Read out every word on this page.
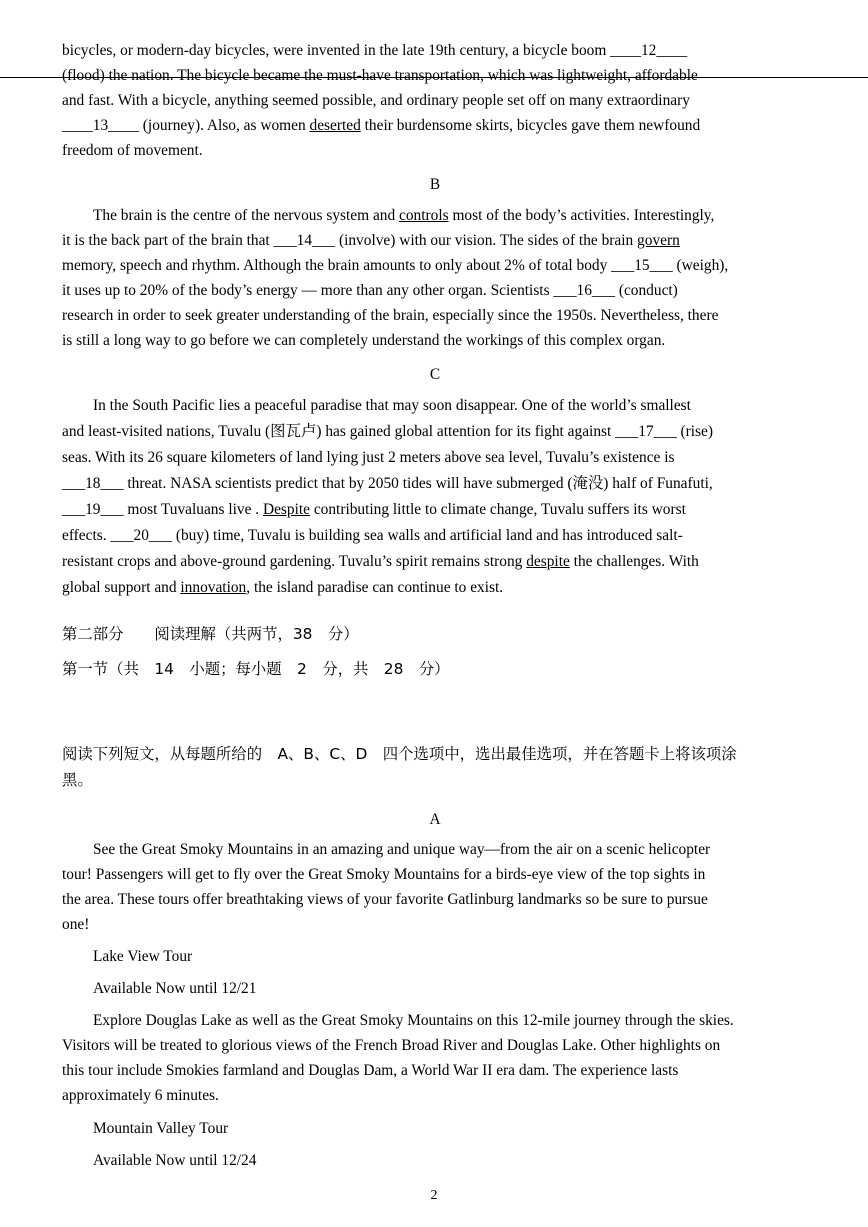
bicycles, or modern-day bicycles, were invented in the late 19th century, a bicycle boom ____12____

(flood) the nation. The bicycle became the must-have transportation, which was lightweight, affordable

and fast. With a bicycle, anything seemed possible, and ordinary people set off on many extraordinary

____13____ (journey). Also, as women deserted their burdensome skirts, bicycles gave them newfound

freedom of movement.

B

The brain is the centre of the nervous system and controls most of the body’s activities. Interestingly,

it is the back part of the brain that ___14___ (involve) with our vision. The sides of the brain govern

memory, speech and rhythm. Although the brain amounts to only about 2% of total body ___15___ (weigh),

it uses up to 20% of the body’s energy — more than any other organ. Scientists ___16___ (conduct)

research in order to seek greater understanding of the brain, especially since the 1950s. Nevertheless, there

is still a long way to go before we can completely understand the workings of this complex organ.

C

In the South Pacific lies a peaceful paradise that may soon disappear. One of the world’s smallest

and least-visited nations, Tuvalu (图瓦卢) has gained global attention for its fight against ___17___ (rise)

seas. With its 26 square kilometers of land lying just 2 meters above sea level, Tuvalu’s existence is

___18___ threat. NASA scientists predict that by 2050 tides will have submerged (淹没) half of Funafuti,

___19___ most Tuvaluans live . Despite contributing little to climate change, Tuvalu suffers its worst

effects. ___20___ (buy) time, Tuvalu is building sea walls and artificial land and has introduced salt-

resistant crops and above-ground gardening. Tuvalu’s spirit remains strong despite the challenges. With

global support and innovation, the island paradise can continue to exist.

第二部分　　阅读理解（共两节，38　分）

第一节（共　14　小题；每小题　2　分，共　28　分）

阅读下列短文，从每题所给的　A、B、C、D　四个选项中，选出最佳选项，并在答题卡上将该项涂

黑。

A

See the Great Smoky Mountains in an amazing and unique way—from the air on a scenic helicopter

tour! Passengers will get to fly over the Great Smoky Mountains for a birds-eye view of the top sights in

the area. These tours offer breathtaking views of your favorite Gatlinburg landmarks so be sure to pursue

one!

Lake View Tour

Available Now until 12/21

Explore Douglas Lake as well as the Great Smoky Mountains on this 12-mile journey through the skies.

Visitors will be treated to glorious views of the French Broad River and Douglas Lake. Other highlights on

this tour include Smokies farmland and Douglas Dam, a World War II era dam. The experience lasts

approximately 6 minutes.

Mountain Valley Tour

Available Now until 12/24

2
